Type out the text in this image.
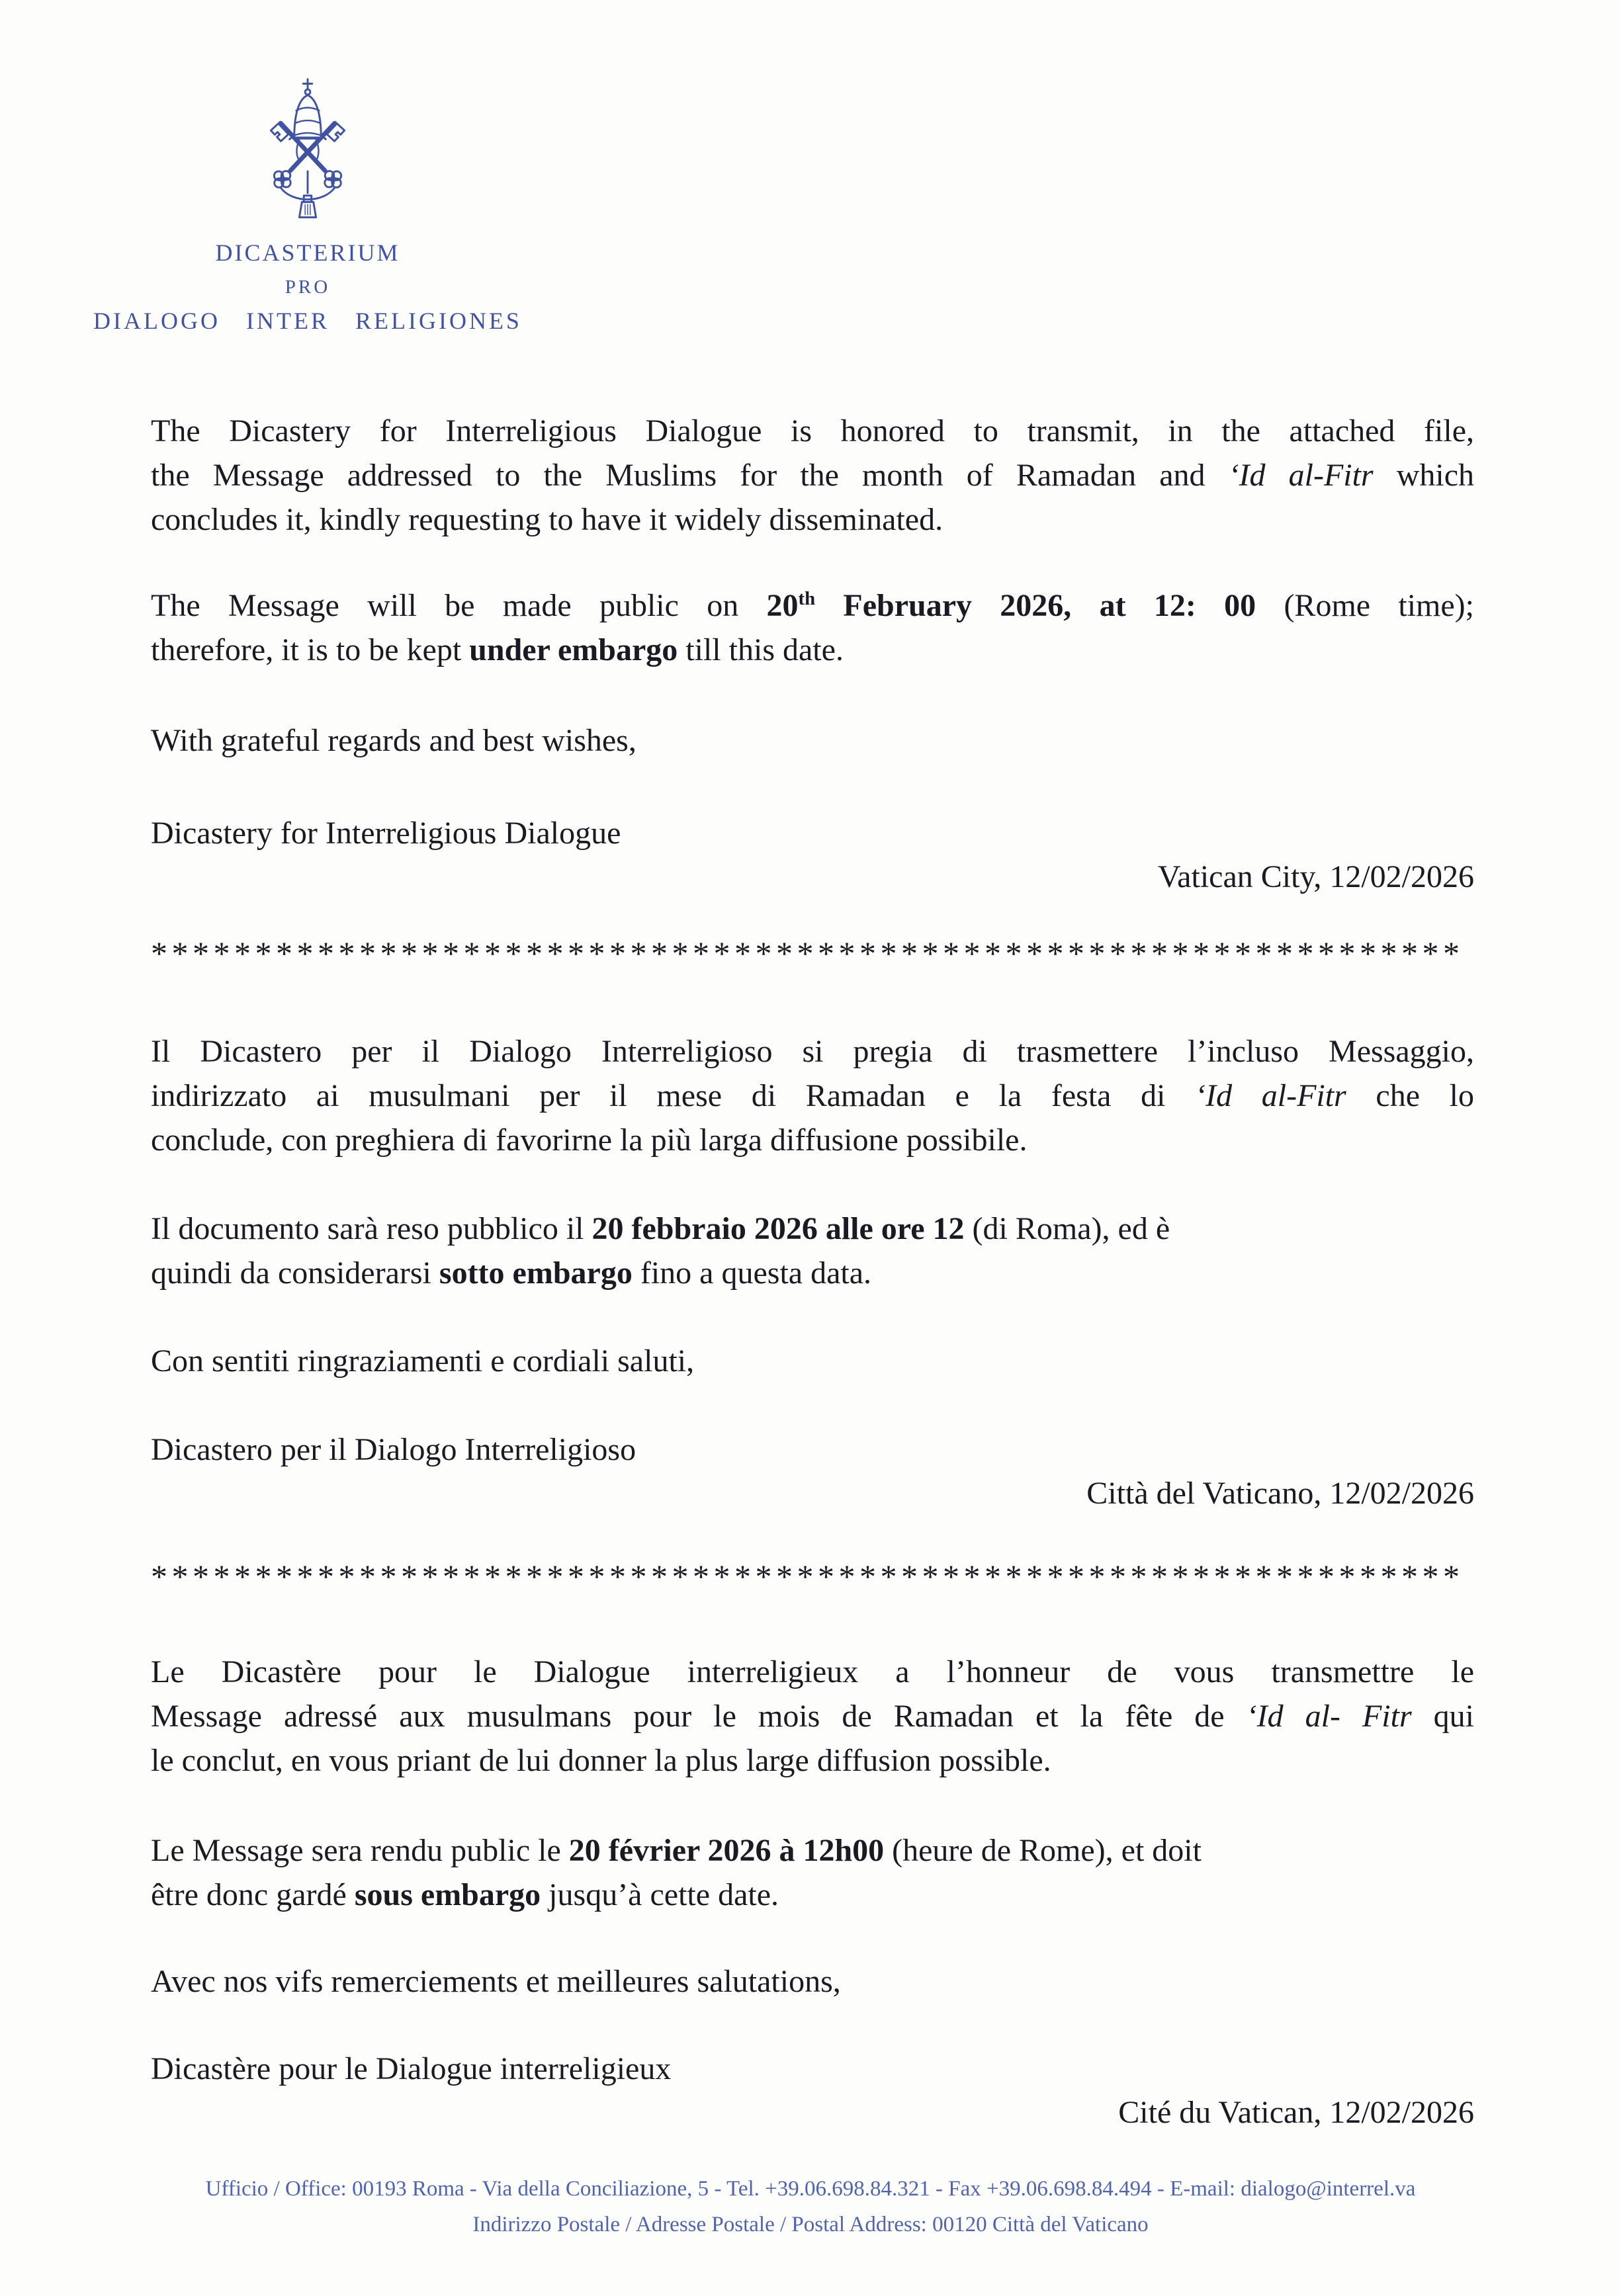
DICASTERIUM
PRO
DIALOGO INTER RELIGIONES
The Dicastery for Interreligious Dialogue is honored to transmit, in the attached file,
the Message addressed to the Muslims for the month of Ramadan and ‘Id al-Fitr which
concludes it, kindly requesting to have it widely disseminated.
The Message will be made public on 20th February 2026, at 12: 00 (Rome time);
therefore, it is to be kept under embargo till this date.
With grateful regards and best wishes,
Dicastery for Interreligious Dialogue
Vatican City, 12/02/2026
***************************************************************
Il Dicastero per il Dialogo Interreligioso si pregia di trasmettere l’incluso Messaggio,
indirizzato ai musulmani per il mese di Ramadan e la festa di ‘Id al-Fitr che lo
conclude, con preghiera di favorirne la più larga diffusione possibile.
Il documento sarà reso pubblico il 20 febbraio 2026 alle ore 12 (di Roma), ed è
quindi da considerarsi sotto embargo fino a questa data.
Con sentiti ringraziamenti e cordiali saluti,
Dicastero per il Dialogo Interreligioso
Città del Vaticano, 12/02/2026
***************************************************************
Le Dicastère pour le Dialogue interreligieux a l’honneur de vous transmettre le
Message adressé aux musulmans pour le mois de Ramadan et la fête de ‘Id al- Fitr qui
le conclut, en vous priant de lui donner la plus large diffusion possible.
Le Message sera rendu public le 20 février 2026 à 12h00 (heure de Rome), et doit
être donc gardé sous embargo jusqu’à cette date.
Avec nos vifs remerciements et meilleures salutations,
Dicastère pour le Dialogue interreligieux
Cité du Vatican, 12/02/2026
Ufficio / Office: 00193 Roma - Via della Conciliazione, 5 - Tel. +39.06.698.84.321 - Fax +39.06.698.84.494 - E-mail: dialogo@interrel.va
Indirizzo Postale / Adresse Postale / Postal Address: 00120 Città del Vaticano
